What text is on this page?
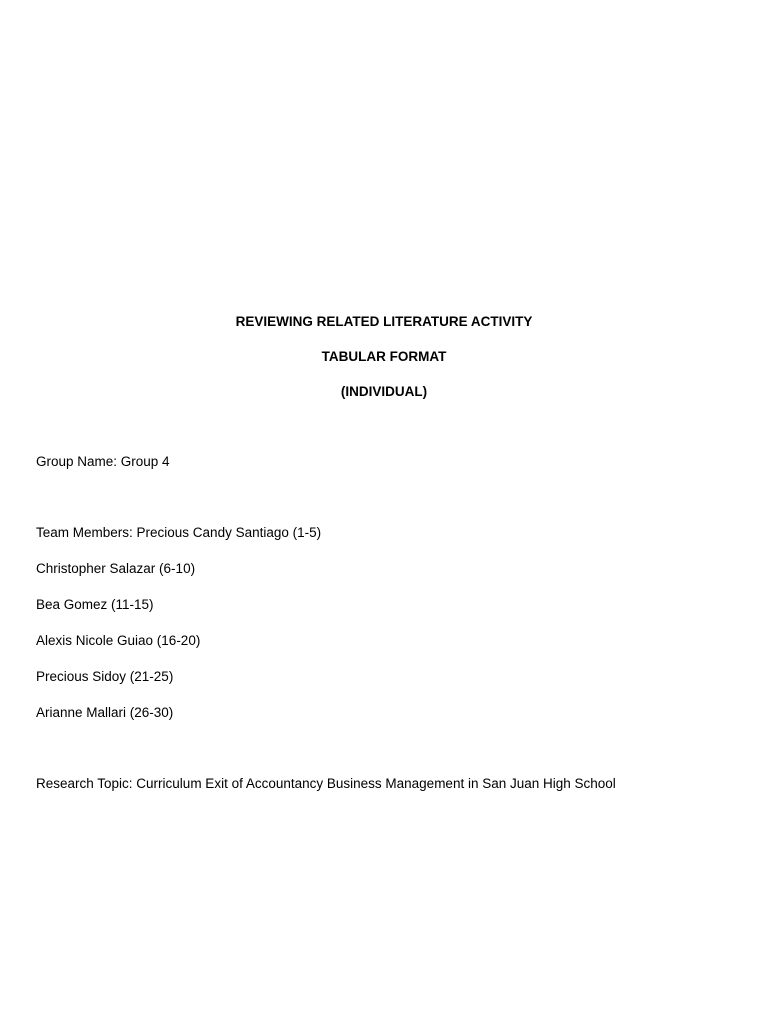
REVIEWING RELATED LITERATURE ACTIVITY
TABULAR FORMAT
(INDIVIDUAL)
Group Name: Group 4
Team Members: Precious Candy Santiago (1-5)
Christopher Salazar (6-10)
Bea Gomez (11-15)
Alexis Nicole Guiao (16-20)
Precious Sidoy (21-25)
Arianne Mallari (26-30)
Research Topic: Curriculum Exit of Accountancy Business Management in San Juan High School
